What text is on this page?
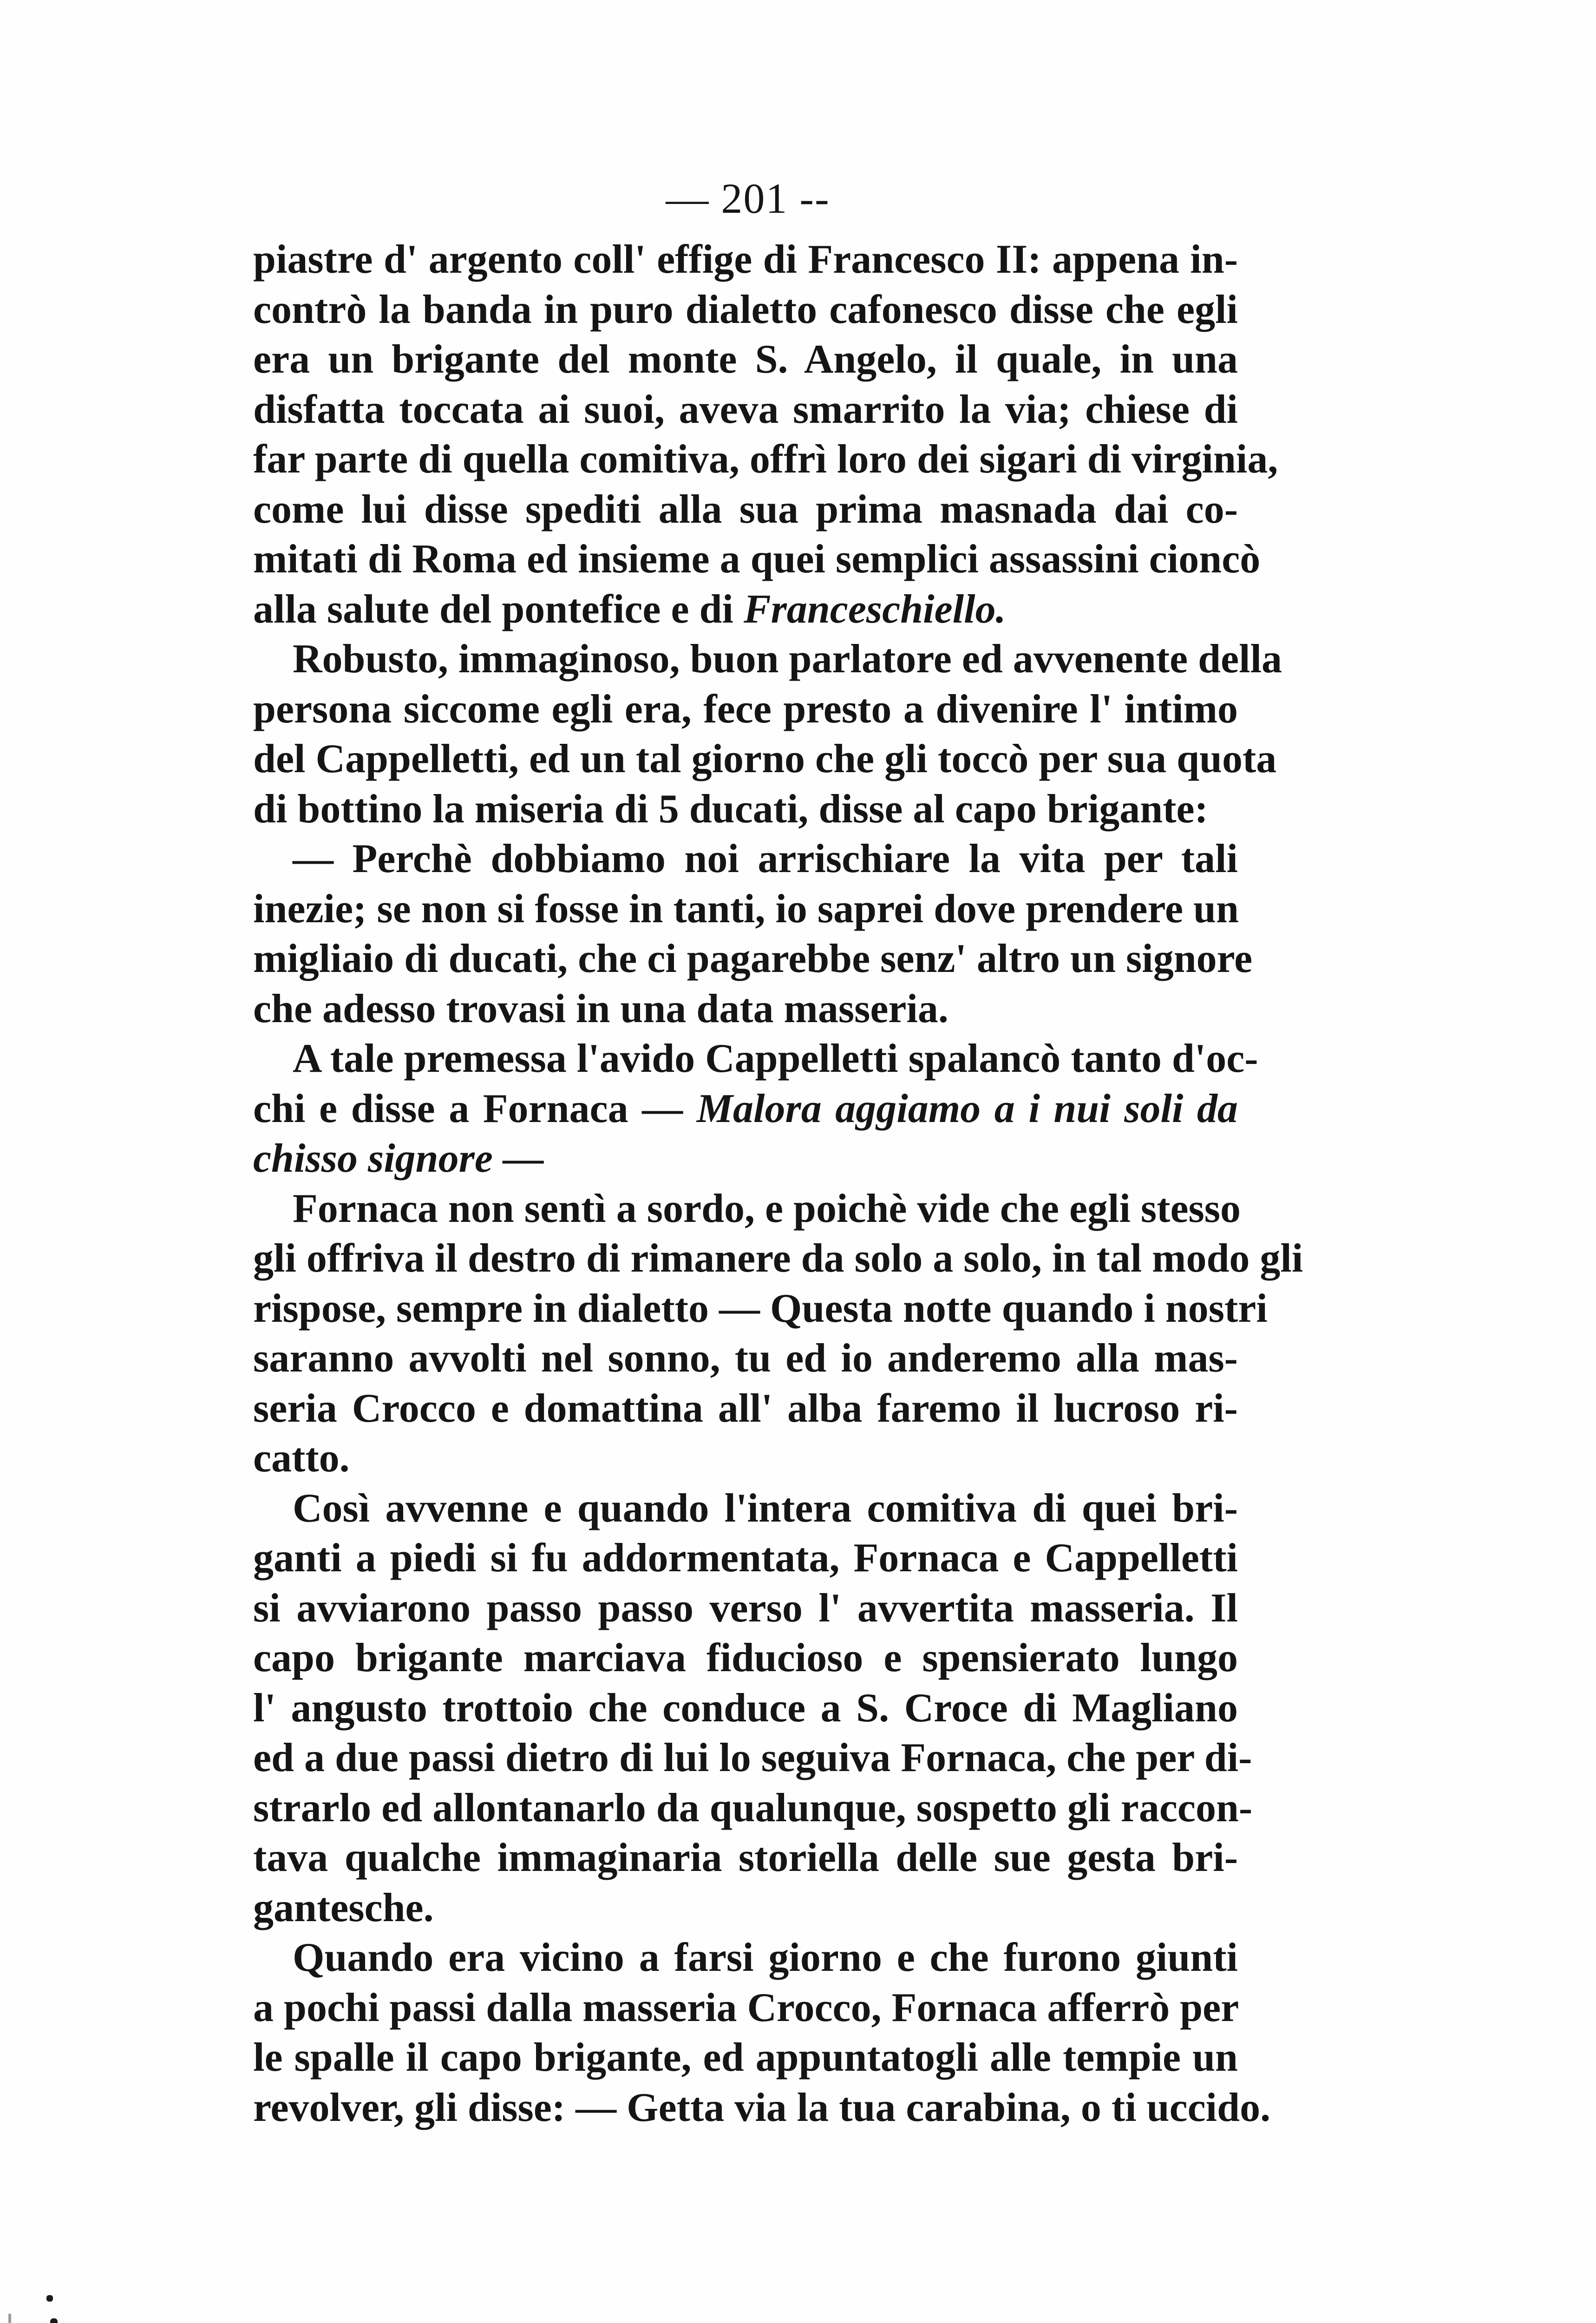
— 201 --
piastre d' argento coll' effige di Francesco II: appena in-
contrò la banda in puro dialetto cafonesco disse che egli
era un brigante del monte S. Angelo, il quale, in una
disfatta toccata ai suoi, aveva smarrito la via; chiese di
far parte di quella comitiva, offrì loro dei sigari di virginia,
come lui disse spediti alla sua prima masnada dai co-
mitati di Roma ed insieme a quei semplici assassini cioncò
alla salute del pontefice e di Franceschiello.
Robusto, immaginoso, buon parlatore ed avvenente della
persona siccome egli era, fece presto a divenire l' intimo
del Cappelletti, ed un tal giorno che gli toccò per sua quota
di bottino la miseria di 5 ducati, disse al capo brigante:
— Perchè dobbiamo noi arrischiare la vita per tali
inezie; se non si fosse in tanti, io saprei dove prendere un
migliaio di ducati, che ci pagarebbe senz' altro un signore
che adesso trovasi in una data masseria.
A tale premessa l'avido Cappelletti spalancò tanto d'oc-
chi e disse a Fornaca — Malora aggiamo a i nui soli da
chisso signore —
Fornaca non sentì a sordo, e poichè vide che egli stesso
gli offriva il destro di rimanere da solo a solo, in tal modo gli
rispose, sempre in dialetto — Questa notte quando i nostri
saranno avvolti nel sonno, tu ed io anderemo alla mas-
seria Crocco e domattina all' alba faremo il lucroso ri-
catto.
Così avvenne e quando l'intera comitiva di quei bri-
ganti a piedi si fu addormentata, Fornaca e Cappelletti
si avviarono passo passo verso l' avvertita masseria. Il
capo brigante marciava fiducioso e spensierato lungo
l' angusto trottoio che conduce a S. Croce di Magliano
ed a due passi dietro di lui lo seguiva Fornaca, che per di-
strarlo ed allontanarlo da qualunque, sospetto gli raccon-
tava qualche immaginaria storiella delle sue gesta bri-
gantesche.
Quando era vicino a farsi giorno e che furono giunti
a pochi passi dalla masseria Crocco, Fornaca afferrò per
le spalle il capo brigante, ed appuntatogli alle tempie un
revolver, gli disse: — Getta via la tua carabina, o ti uccido.
